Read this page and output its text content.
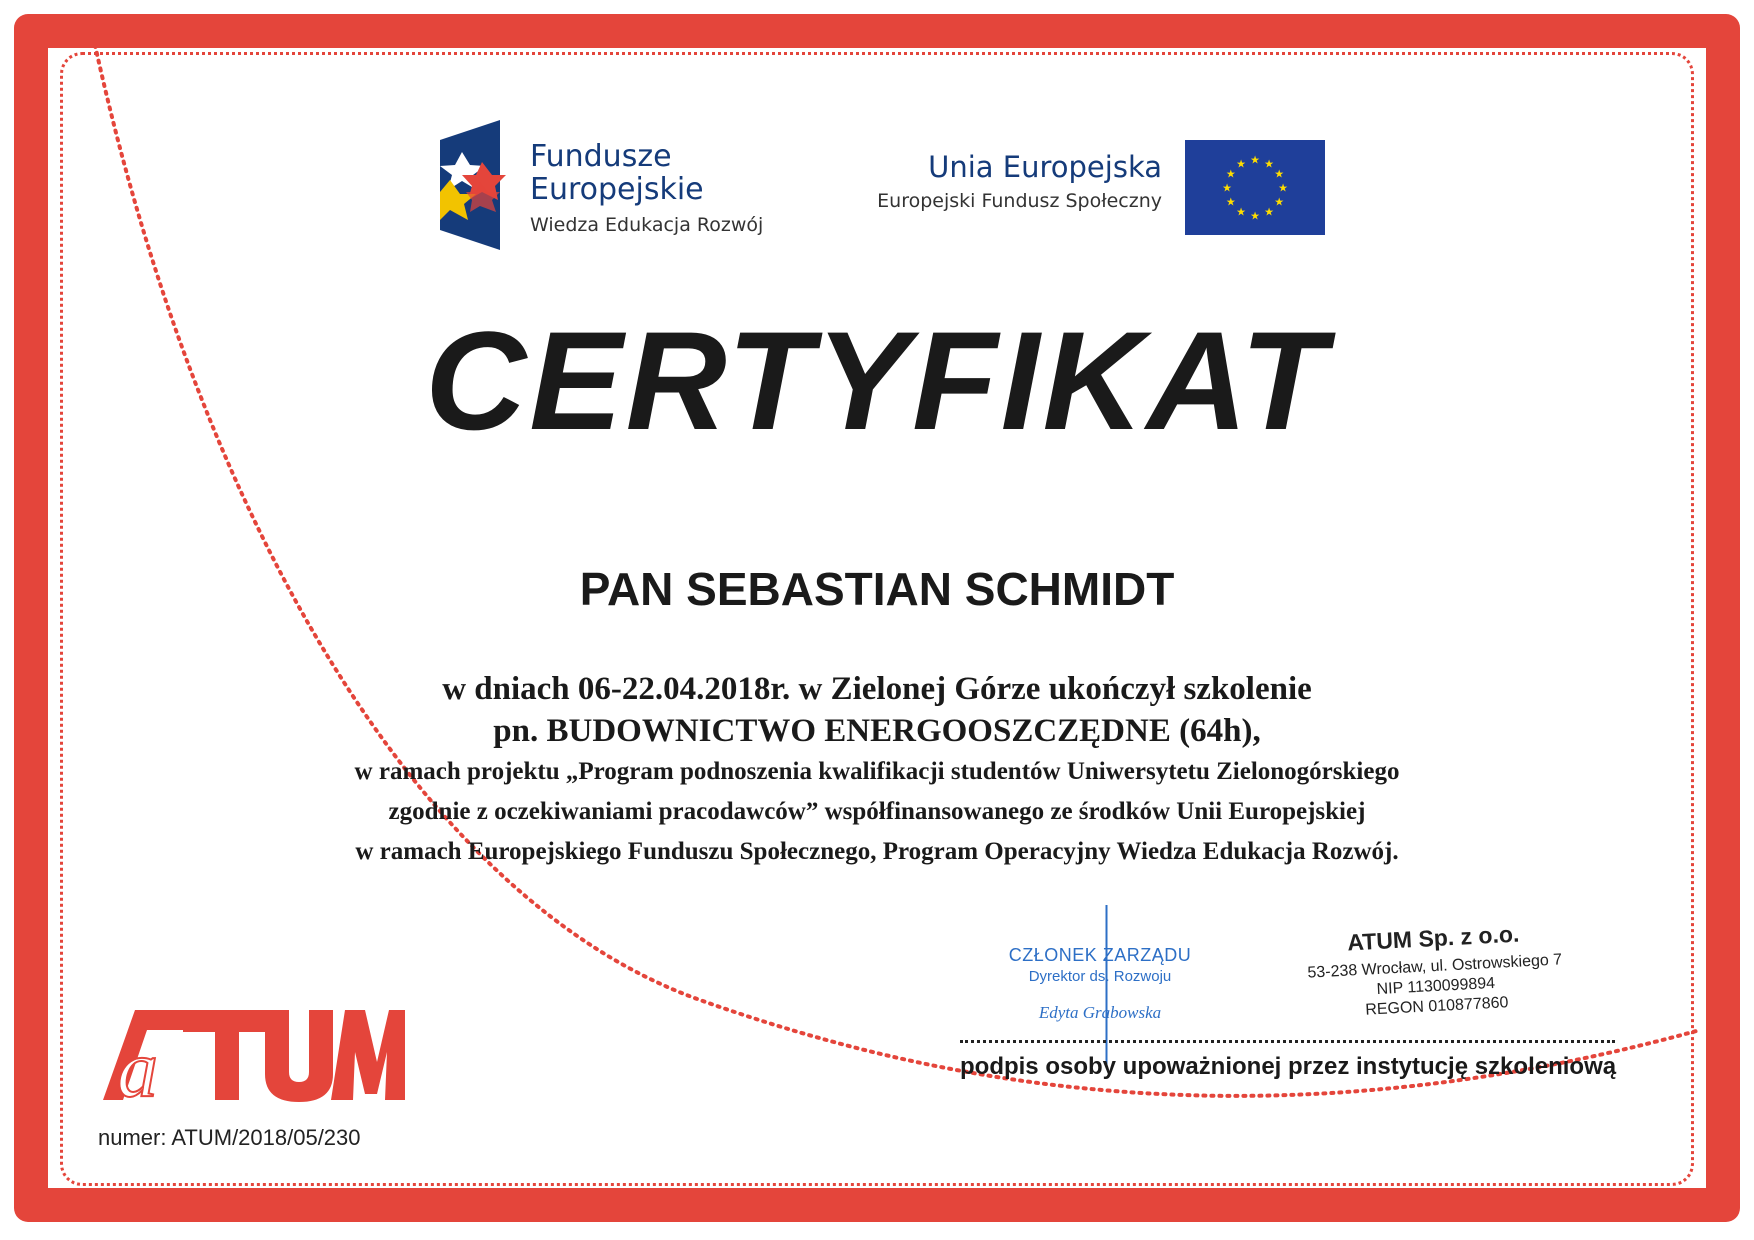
Fundusze
Europejskie
Wiedza Edukacja Rozwój
Unia Europejska
Europejski Fundusz Społeczny
★ ★
★
★
★
★
★
★
★
★
★
★
CERTYFIKAT
PAN SEBASTIAN SCHMIDT
w dniach 06-22.04.2018r. w Zielonej Górze ukończył szkolenie
pn. BUDOWNICTWO ENERGOOSZCZĘDNE (64h),
w ramach projektu „Program podnoszenia kwalifikacji studentów Uniwersytetu Zielonogórskiego
zgodnie z oczekiwaniami pracodawców” współfinansowanego ze środków Unii Europejskiej
w ramach Europejskiego Funduszu Społecznego, Program Operacyjny Wiedza Edukacja Rozwój.
a
numer: ATUM/2018/05/230
CZŁONEK ZARZĄDU
Dyrektor ds. Rozwoju
Edyta Grabowska
ATUM Sp. z o.o.
53-238 Wrocław, ul. Ostrowskiego 7
NIP 1130099894
REGON 010877860
podpis osoby upoważnionej przez instytucję szkoleniową
